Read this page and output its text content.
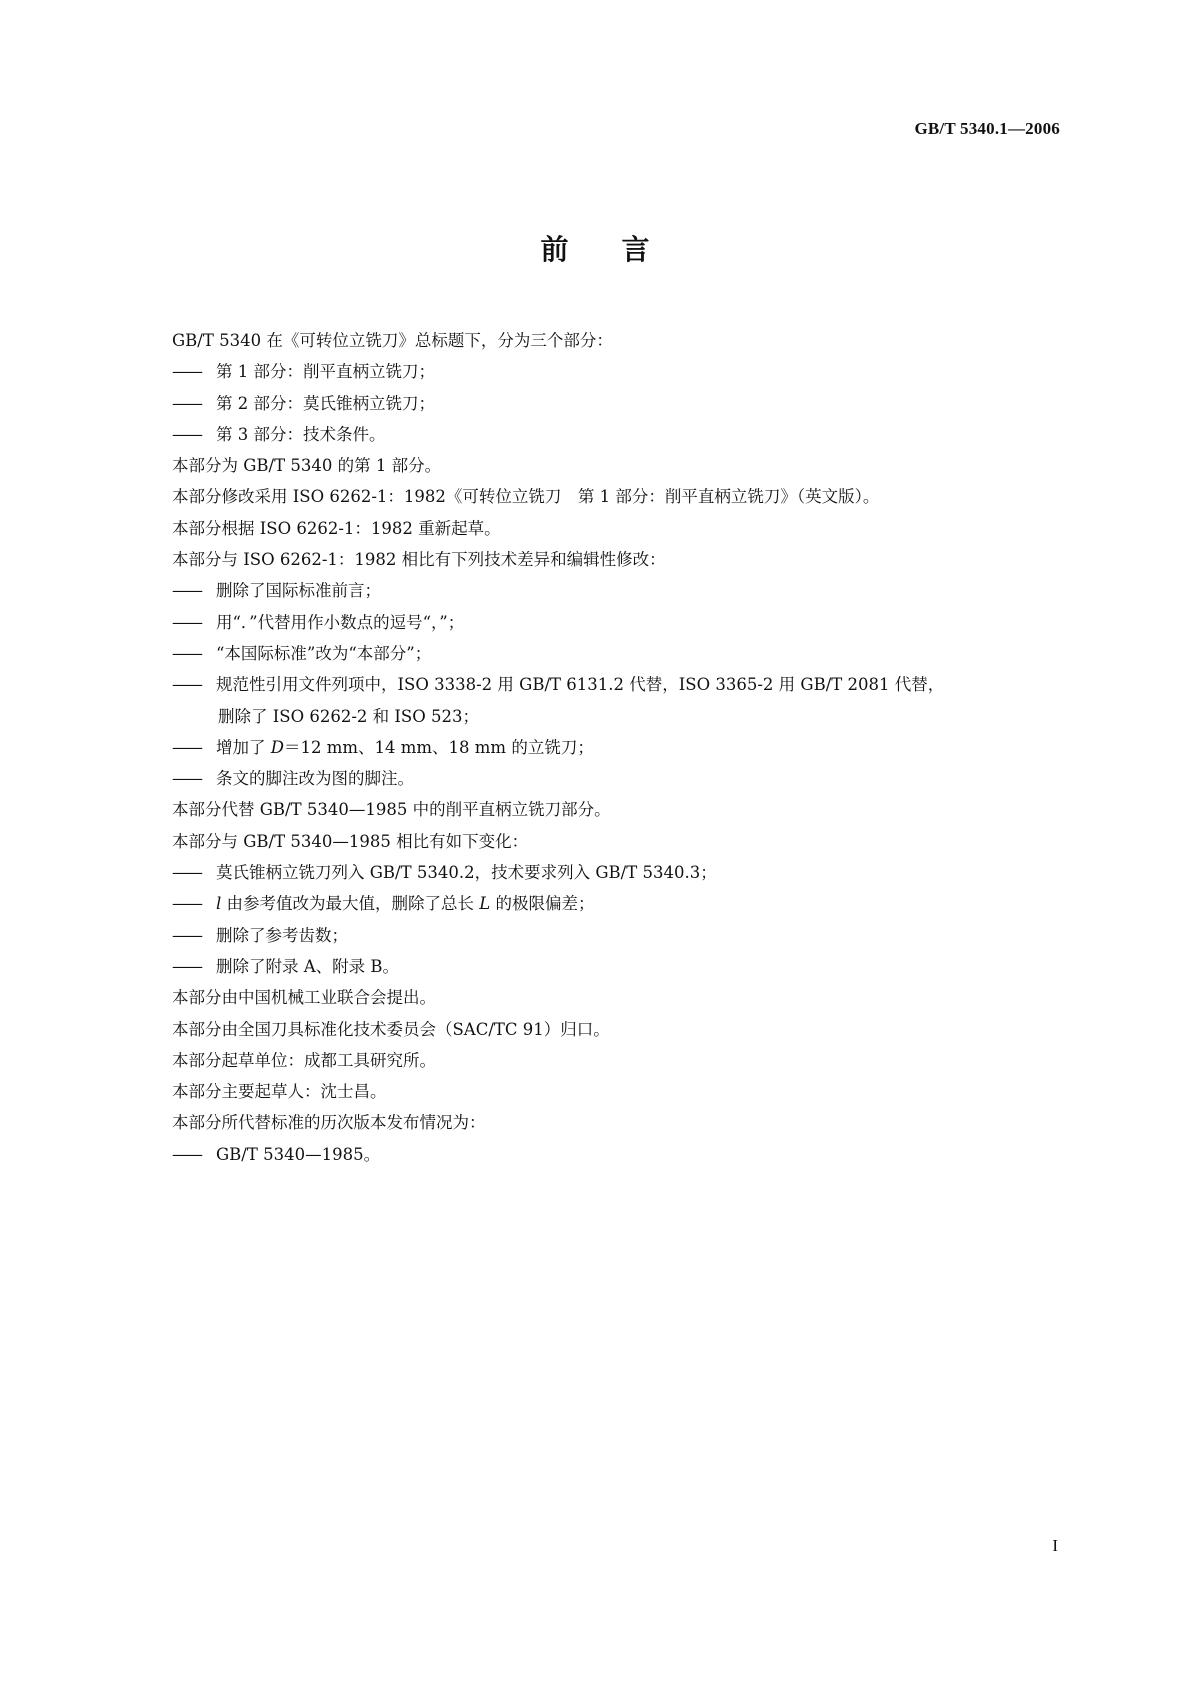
GB/T 5340.1—2006
前 言
GB/T 5340 在《可转位立铣刀》总标题下，分为三个部分：
—— 第 1 部分：削平直柄立铣刀；
—— 第 2 部分：莫氏锥柄立铣刀；
—— 第 3 部分：技术条件。
本部分为 GB/T 5340 的第 1 部分。
本部分修改采用 ISO 6262-1：1982《可转位立铣刀　第 1 部分：削平直柄立铣刀》（英文版）。
本部分根据 ISO 6262-1：1982 重新起草。
本部分与 ISO 6262-1：1982 相比有下列技术差异和编辑性修改：
—— 删除了国际标准前言；
—— 用“．”代替用作小数点的逗号“，”；
—— “本国际标准”改为“本部分”；
—— 规范性引用文件列项中，ISO 3338-2 用 GB/T 6131.2 代替，ISO 3365-2 用 GB/T 2081 代替，
删除了 ISO 6262-2 和 ISO 523；
—— 增加了 D＝12 mm、14 mm、18 mm 的立铣刀；
—— 条文的脚注改为图的脚注。
本部分代替 GB/T 5340—1985 中的削平直柄立铣刀部分。
本部分与 GB/T 5340—1985 相比有如下变化：
—— 莫氏锥柄立铣刀列入 GB/T 5340.2，技术要求列入 GB/T 5340.3；
—— l 由参考值改为最大值，删除了总长 L 的极限偏差；
—— 删除了参考齿数；
—— 删除了附录 A、附录 B。
本部分由中国机械工业联合会提出。
本部分由全国刀具标准化技术委员会（SAC/TC 91）归口。
本部分起草单位：成都工具研究所。
本部分主要起草人：沈士昌。
本部分所代替标准的历次版本发布情况为：
—— GB/T 5340—1985。
I
